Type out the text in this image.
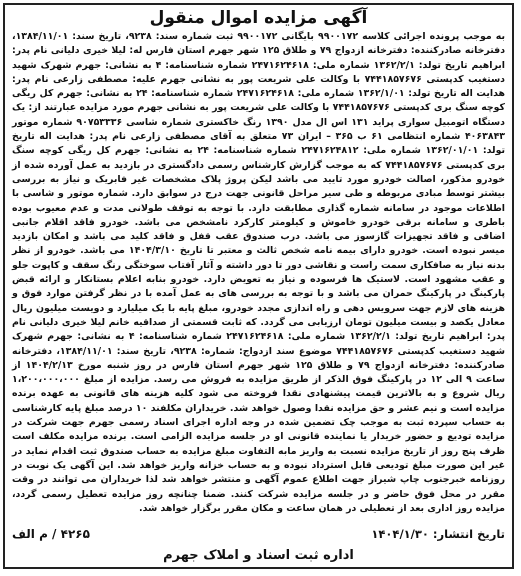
آگهی مزایده اموال منقول

به موجب پرونده اجرائی کلاسه ۹۹۰۰۱۷۲ بایگانی ۹۹۰۰۱۷۲ ثبت شماره سند: ۹۲۳۸، تاریخ سند: ۱۳۸۴/۱۱/۰۱، دفترخانه صادرکننده: دفترخانه ازدواج ۷۹ و طلاق ۱۲۵ شهر جهرم استان فارس له: لیلا خیری دلیانی نام پدر: ابراهیم تاریخ تولد: ۱۳۶۲/۲/۱ شماره ملی: ۲۴۷۱۶۲۴۶۱۸ شماره شناسنامه: ۴ به نشانی: جهرم شهرک شهید دستغیب کدپستی ۷۴۴۱۸۵۷۶۷۶ با وکالت علی شریعت پور به نشانی جهرم علیه: مصطفی زارعی نام پدر: هدایت اله تاریخ تولد: ۱۳۶۲/۱/۰۱ شماره ملی: ۲۴۷۱۶۲۴۶۱۸ شماره شناسنامه: ۲۴ به نشانی: جهرم کل ریگی کوچه سنگ بری کدپستی ۷۴۴۱۸۵۷۶۷۶ با وکالت علی شریعت پور به نشانی جهرم مورد مزایده عبارتند از: یک دستگاه اتومبیل سواری پراید ۱۳۱ اس ال مدل ۱۳۹۰ رنگ خاکستری شماره شاسی ۹۰۷۵۳۳۳۶ شماره موتور ۴۰۶۳۸۴۳ شماره انتظامی ۶۱ ب ۳۶۵ – ایران ۷۳ متعلق به آقای مصطفی زارعی نام پدر: هدایت اله تاریخ تولد: ۱۳۶۲/۰۱/۰۱ شماره ملی: ۲۴۷۱۶۲۴۸۱۲ شماره شناسنامه: ۲۴ به نشانی: جهرم کل ریگی کوچه سنگ بری کدپستی ۷۴۴۱۸۵۷۶۷۶ که به موجب گزارش کارشناس رسمی دادگستری در بازدید به عمل آورده شده از خودرو مذکور، اصالت خودرو مورد تایید می باشد لیکن پروژ پلاک مشخصات غیر فابریک و نیاز به بررسی بیشتر توسط مبادی مربوطه و طی سیر مراحل قانونی جهت درج در سوابق دارد. شماره موتور و شاسی با اطلاعات موجود در سامانه شماره گذاری مطابقت دارد. با توجه به توقف طولانی مدت و عدم معیوب بوده باطری و سامانه برقی خودرو خاموش و کیلومتر کارکرد نامشخص می باشد. خودرو فاقد اقلام جانبی اضافی و فاقد تجهیزات گازسوز می باشد. درب صندوق عقب قفل و فاقد کلید می باشد و امکان بازدید میسر نبوده است. خودرو دارای بیمه نامه شخص ثالث و معتبر تا تاریخ ۱۴۰۴/۳/۱۰ می باشد. خودرو از نظر بدنه نیاز به صافکاری سمت راست و نقاشی دور تا دور داشته و آثار آفتاب سوختگی رنگ سقف و کاپوت جلو و عقب مشهود است. لاستیک ها فرسوده و نیاز به تعویض دارد. خودرو بنابه اعلام بستانکار و ارائه قبض پارکینگ در پارکینگ حمران می باشد و با توجه به بررسی های به عمل آمده با در نظر گرفتن موارد فوق و هزینه های لازم جهت سرویس دهی و راه اندازی مجدد خودرو، مبلغ پایه با یک میلیارد و دویست میلیون ریال معادل یکصد و بیست میلیون تومان ارزیابی می گردد. که ثابت قسمتی از صداقیه خانم لیلا خیری دلیانی نام پدر: ابراهیم تاریخ تولد: ۱۳۶۲/۲/۱ شماره ملی: ۲۴۷۱۶۲۴۶۱۸ شماره شناسنامه: ۴ به نشانی: جهرم شهرک شهید دستغیب کدپستی ۷۴۴۱۸۵۷۶۷۶ موضوع سند ازدواج: شماره: ۹۲۳۸، تاریخ سند: ۱۳۸۴/۱۱/۰۱، دفترخانه صادرکننده: دفترخانه ازدواج ۷۹ و طلاق ۱۲۵ شهر جهرم استان فارس در روز شنبه مورخ ۱۴۰۴/۲/۱۳ از ساعت ۹ الی ۱۲ در پارکینگ فوق الذکر از طریق مزایده به فروش می رسد. مزایده از مبلغ ۱،۲۰۰،۰۰۰،۰۰۰ ریال شروع و به بالاترین قیمت پیشنهادی نقدا فروخته می شود کلیه هزینه های قانونی به عهده برنده مزایده است و نیم عشر و حق مزایده نقدا وصول خواهد شد. خریداران مکلفند ۱۰ درصد مبلغ پایه کارشناسی به حساب سپرده ثبت به موجب چک تضمین شده در وجه اداره اجرای اسناد رسمی جهرم جهت شرکت در مزایده تودیع و حضور خریدار یا نماینده قانونی او در جلسه مزایده الزامی است. برنده مزایده مکلف است ظرف پنج روز از تاریخ مزایده نسبت به واریز مابه التفاوت مبلغ مزایده به حساب صندوق ثبت اقدام نماید در غیر این صورت مبلغ تودیعی قابل استرداد نبوده و به حساب خزانه واریز خواهد شد. این آگهی یک نوبت در روزنامه خبرجنوب چاپ شیراز جهت اطلاع عموم آگهی و منتشر خواهد شد لذا خریداران می توانند در وقت مقرر در محل فوق حاضر و در جلسه مزایده شرکت کنند. ضمنا چنانچه روز مزایده تعطیل رسمی گردد، مزایده روز اداری بعد از تعطیلی در همان ساعت و مکان مقرر برگزار خواهد شد.

تاریخ انتشار: ۱۴۰۴/۱/۳۰
۴۲۶۵ / م الف
اداره ثبت اسناد و املاک جهرم
